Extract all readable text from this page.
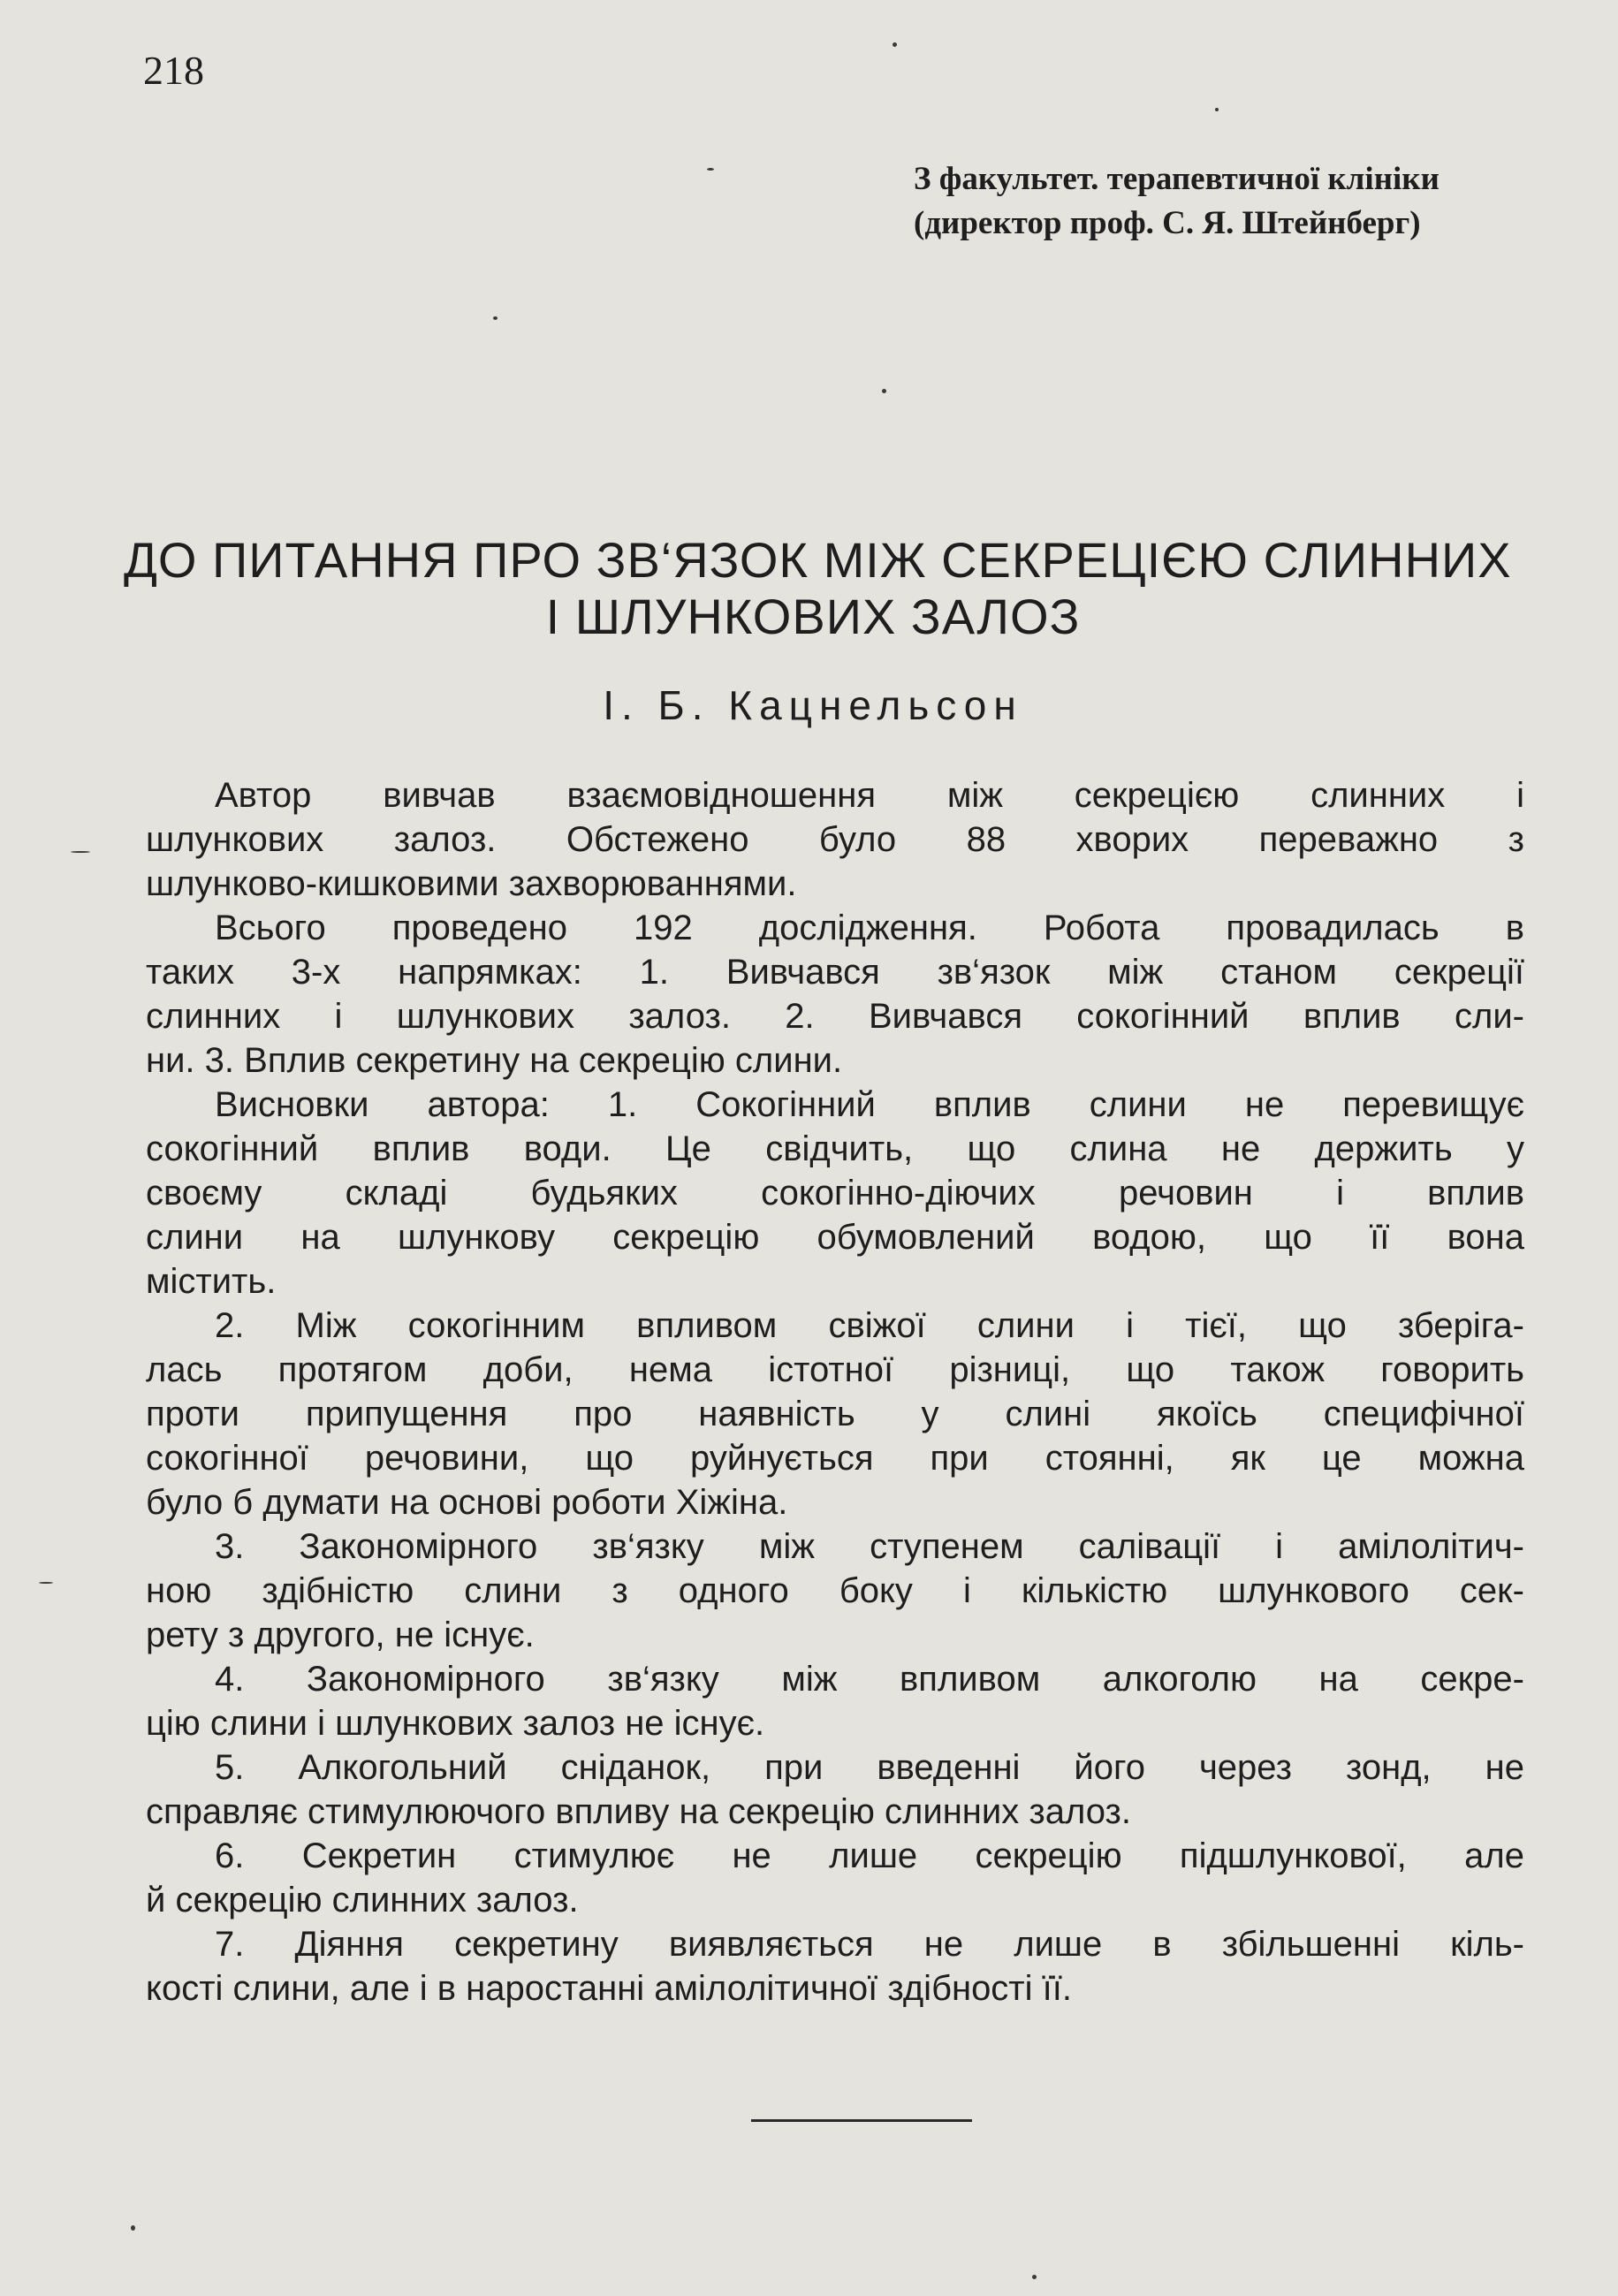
218
З факультет. терапевтичної клініки
(директор проф. С. Я. Штейнберг)
ДО ПИТАННЯ ПРО ЗВ‘ЯЗОК МІЖ СЕКРЕЦІЄЮ СЛИННИХ
І ШЛУНКОВИХ ЗАЛОЗ
І. Б. Кацнельсон
Автор вивчав взаємовідношення між секрецією слинних і
шлункових залоз. Обстежено було 88 хворих переважно з
шлунково-кишковими захворюваннями.
Всього проведено 192 дослідження. Робота провадилась в
таких 3-х напрямках: 1. Вивчався зв‘язок між станом секреції
слинних і шлункових залоз. 2. Вивчався сокогінний вплив сли-
ни. 3. Вплив секретину на секрецію слини.
Висновки автора: 1. Сокогінний вплив слини не перевищує
сокогінний вплив води. Це свідчить, що слина не держить у
своєму складі будьяких сокогінно-діючих речовин і вплив
слини на шлункову секрецію обумовлений водою, що її вона
містить.
2. Між сокогінним впливом свіжої слини і тієї, що зберіга-
лась протягом доби, нема істотної різниці, що також говорить
проти припущення про наявність у слині якоїсь специфічної
сокогінної речовини, що руйнується при стоянні, як це можна
було б думати на основі роботи Хіжіна.
3. Закономірного зв‘язку між ступенем салівації і амілолітич-
ною здібністю слини з одного боку і кількістю шлункового сек-
рету з другого, не існує.
4. Закономірного зв‘язку між впливом алкоголю на секре-
цію слини і шлункових залоз не існує.
5. Алкогольний сніданок, при введенні його через зонд, не
справляє стимулюючого впливу на секрецію слинних залоз.
6. Секретин стимулює не лише секрецію підшлункової, але
й секрецію слинних залоз.
7. Діяння секретину виявляється не лише в збільшенні кіль-
кості слини, але і в наростанні амілолітичної здібності її.
